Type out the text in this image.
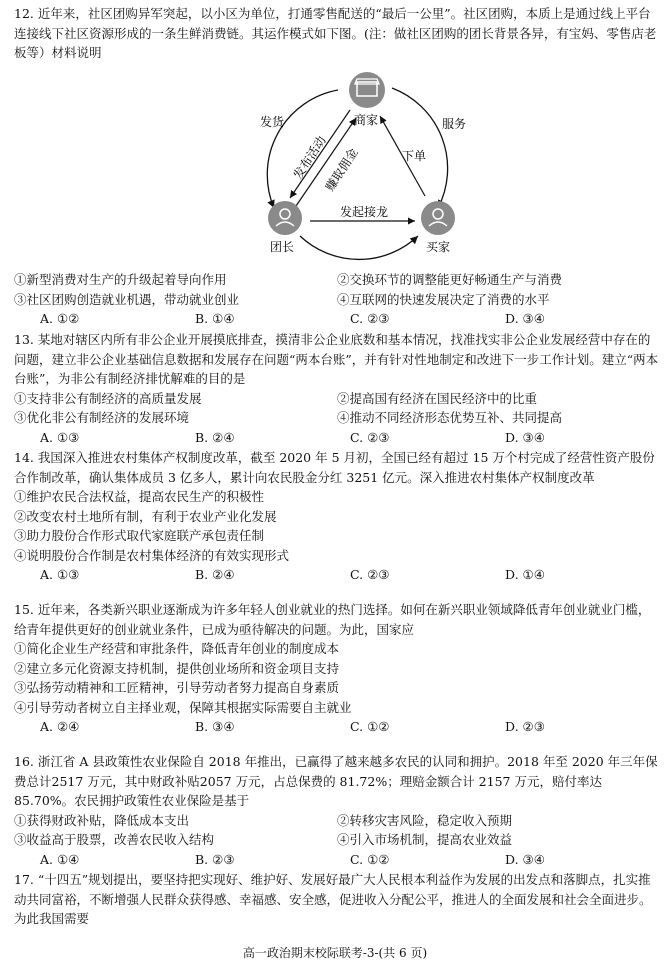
12. 近年来，社区团购异军突起，以小区为单位，打通零售配送的“最后一公里”。社区团购，本质上是通过线上平台连接线下社区资源形成的一条生鲜消费链。其运作模式如下图。(注：做社区团购的团长背景各异，有宝妈、零售店老板等）材料说明
商家
团长	买家
发货	服务
下单
发起接龙
发布活动
赚取佣金
①新型消费对生产的升级起着导向作用	②交换环节的调整能更好畅通生产与消费
③社区团购创造就业机遇，带动就业创业	④互联网的快速发展决定了消费的水平
A. ①②	B. ①④	C. ②③	D. ③④
13. 某地对辖区内所有非公企业开展摸底排查，摸清非公企业底数和基本情况，找准找实非公企业发展经营中存在的问题，建立非公企业基础信息数据和发展存在问题“两本台账”，并有针对性地制定和改进下一步工作计划。建立“两本台账”，为非公有制经济排忧解难的目的是
①支持非公有制经济的高质量发展	②提高国有经济在国民经济中的比重
③优化非公有制经济的发展环境	④推动不同经济形态优势互补、共同提高
A. ①③	B. ②④	C. ②③	D. ③④
14. 我国深入推进农村集体产权制度改革，截至 2020 年 5 月初，全国已经有超过 15 万个村完成了经营性资产股份合作制改革，确认集体成员 3 亿多人，累计向农民股金分红 3251 亿元。深入推进农村集体产权制度改革
①维护农民合法权益，提高农民生产的积极性
②改变农村土地所有制，有利于农业产业化发展
③助力股份合作形式取代家庭联产承包责任制
④说明股份合作制是农村集体经济的有效实现形式
A. ①③	B. ②④	C. ②③	D. ①④
15. 近年来，各类新兴职业逐渐成为许多年轻人创业就业的热门选择。如何在新兴职业领域降低青年创业就业门槛，给青年提供更好的创业就业条件，已成为亟待解决的问题。为此，国家应
①简化企业生产经营和审批条件，降低青年创业的制度成本
②建立多元化资源支持机制，提供创业场所和资金项目支持
③弘扬劳动精神和工匠精神，引导劳动者努力提高自身素质
④引导劳动者树立自主择业观，保障其根据实际需要自主就业
A. ②④	B. ③④	C. ①②	D. ②③
16. 浙江省 A 县政策性农业保险自 2018 年推出，已赢得了越来越多农民的认同和拥护。2018 年至 2020 年三年保费总计2517 万元，其中财政补贴2057 万元，占总保费的 81.72%；理赔金额合计 2157 万元，赔付率达 85.70%。农民拥护政策性农业保险是基于
①获得财政补贴，降低成本支出	②转移灾害风险，稳定收入预期
③收益高于股票，改善农民收入结构	④引入市场机制，提高农业效益
A. ①④	B. ②③	C. ①②	D. ③④
17. “十四五”规划提出，要坚持把实现好、维护好、发展好最广大人民根本利益作为发展的出发点和落脚点，扎实推动共同富裕，不断增强人民群众获得感、幸福感、安全感，促进收入分配公平，推进人的全面发展和社会全面进步。为此我国需要
高一政治期末校际联考-3-(共 6 页)
